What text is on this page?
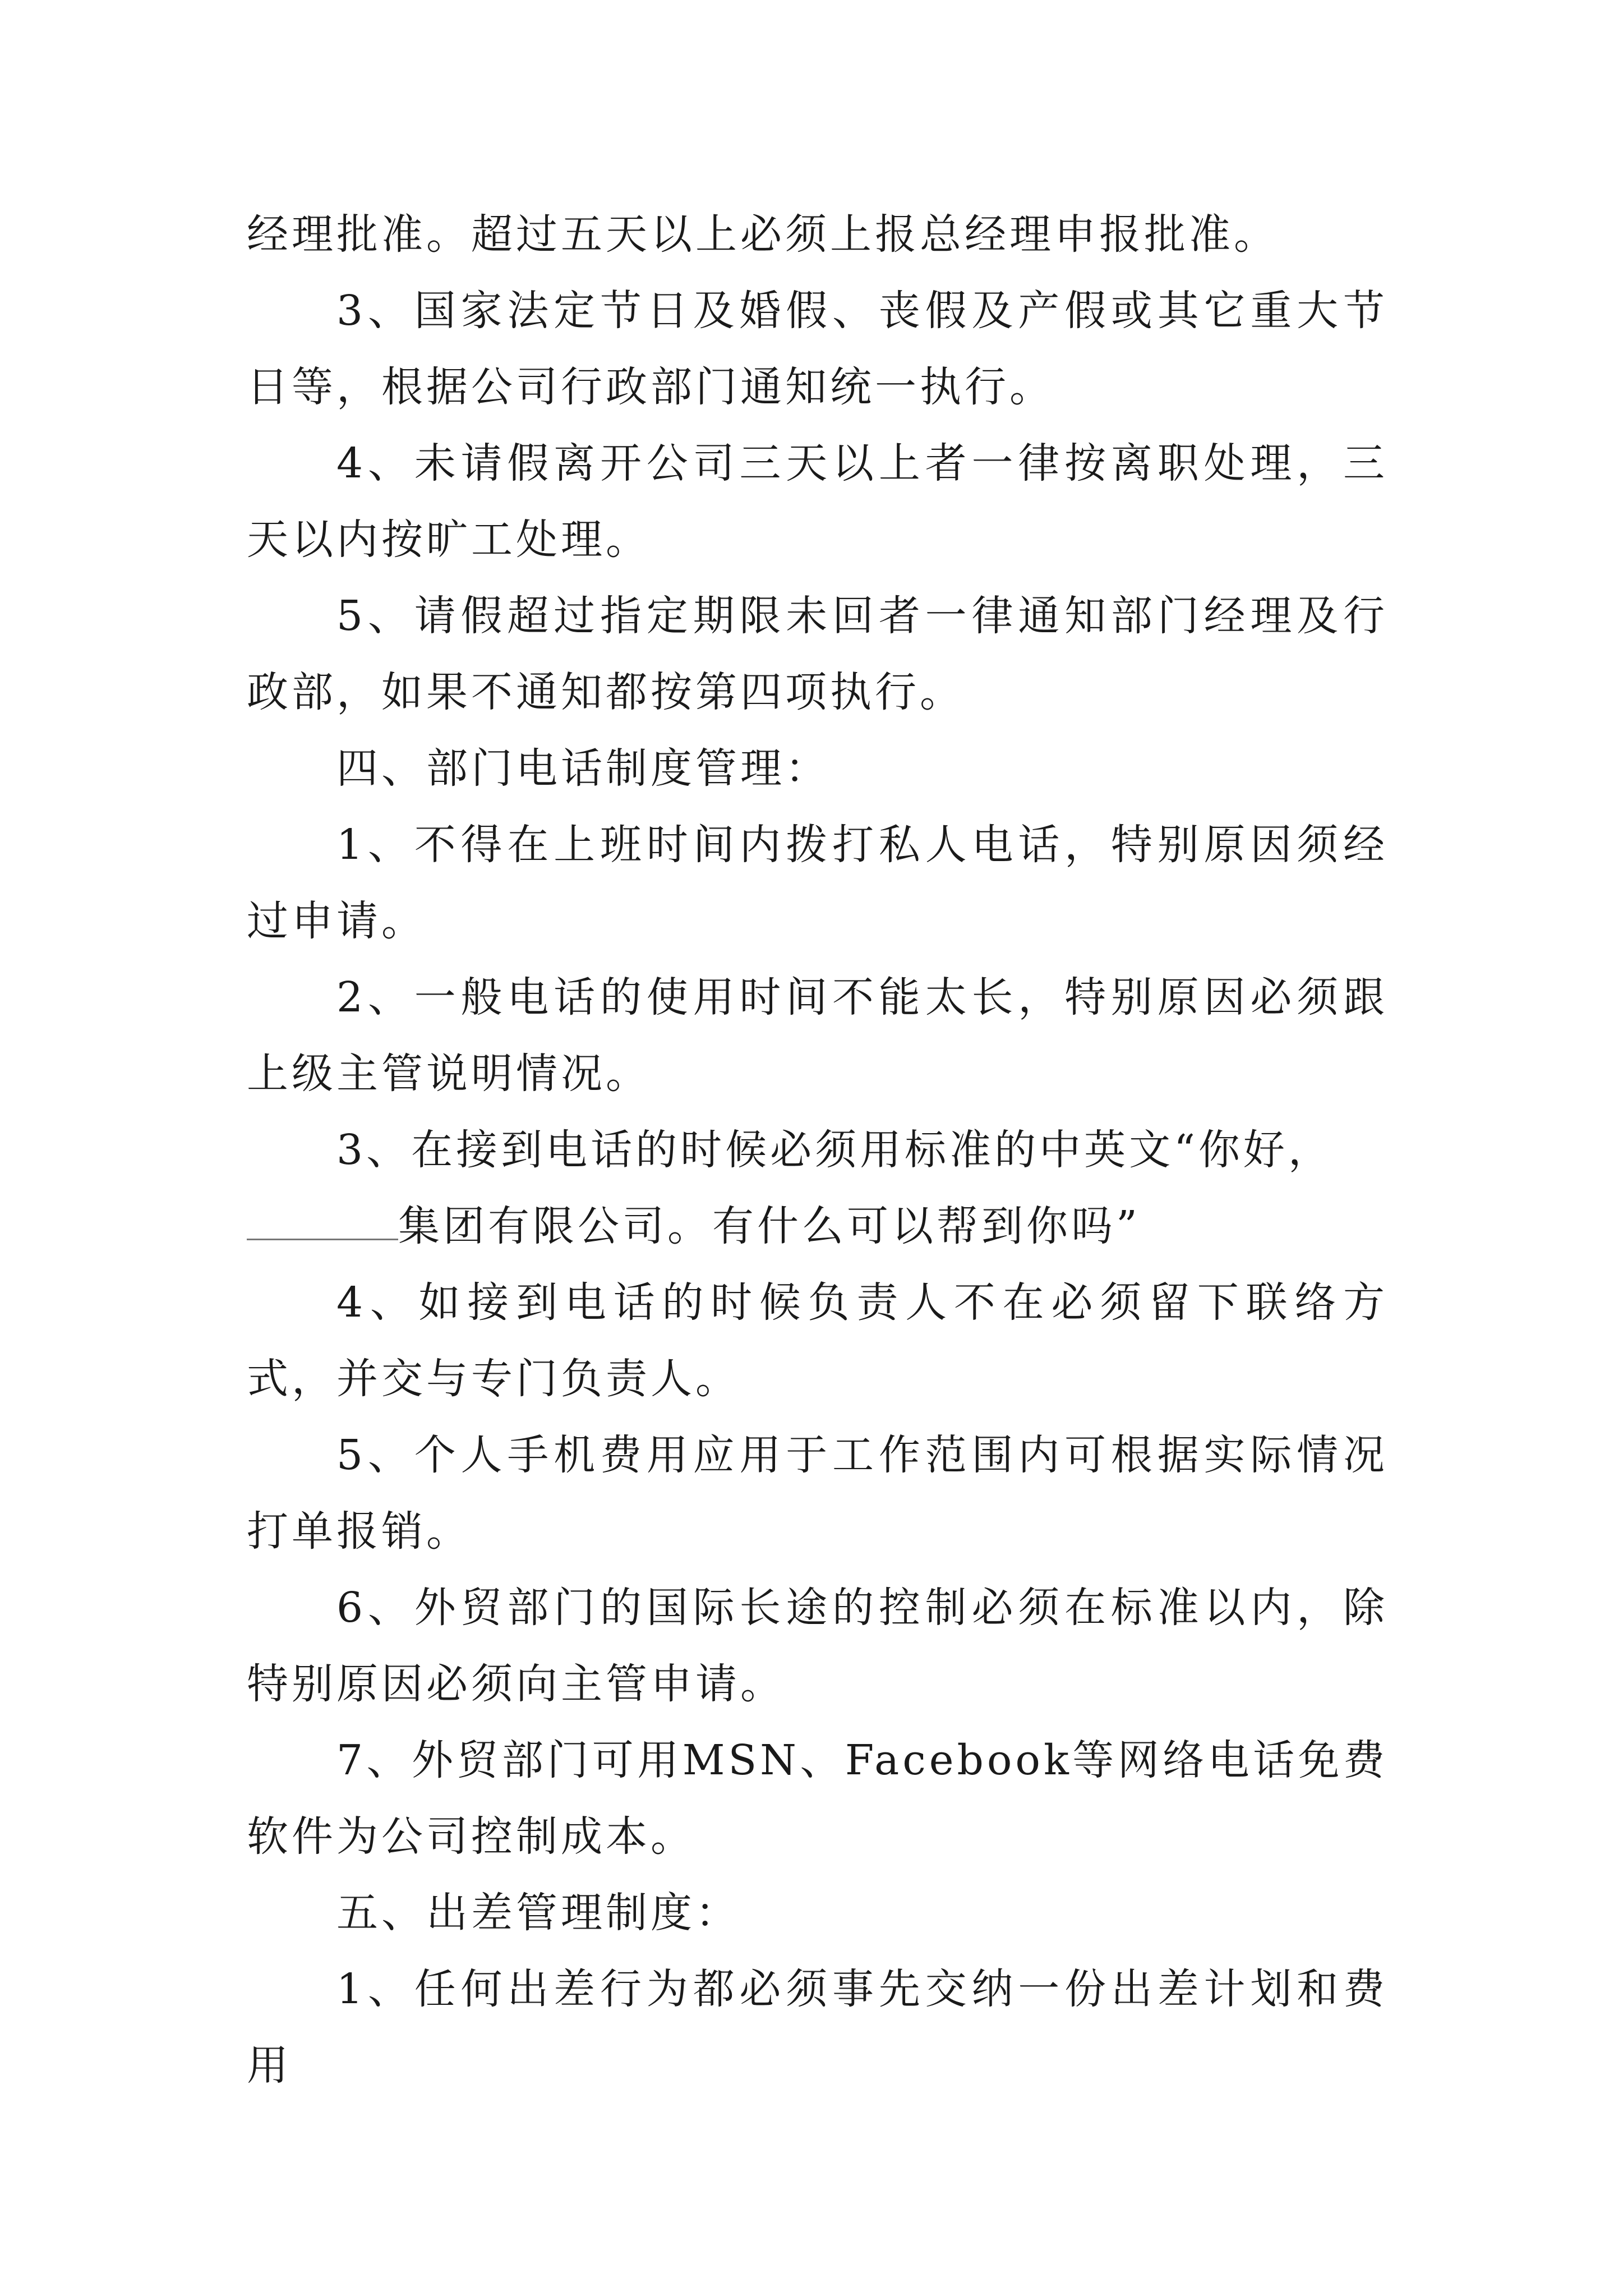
经理批准。超过五天以上必须上报总经理申报批准。

3、国家法定节日及婚假、丧假及产假或其它重大节日等，根据公司行政部门通知统一执行。

4、未请假离开公司三天以上者一律按离职处理，三天以内按旷工处理。

5、请假超过指定期限未回者一律通知部门经理及行政部，如果不通知都按第四项执行。

四、部门电话制度管理：

1、不得在上班时间内拨打私人电话，特别原因须经过申请。

2、一般电话的使用时间不能太长，特别原因必须跟上级主管说明情况。

3、在接到电话的时候必须用标准的中英文“你好，
集团有限公司。有什么可以帮到你吗”

4、如接到电话的时候负责人不在必须留下联络方式，并交与专门负责人。

5、个人手机费用应用于工作范围内可根据实际情况打单报销。

6、外贸部门的国际长途的控制必须在标准以内，除特别原因必须向主管申请。

7、外贸部门可用MSN、Facebook等网络电话免费软件为公司控制成本。

五、出差管理制度：

1、任何出差行为都必须事先交纳一份出差计划和费用
